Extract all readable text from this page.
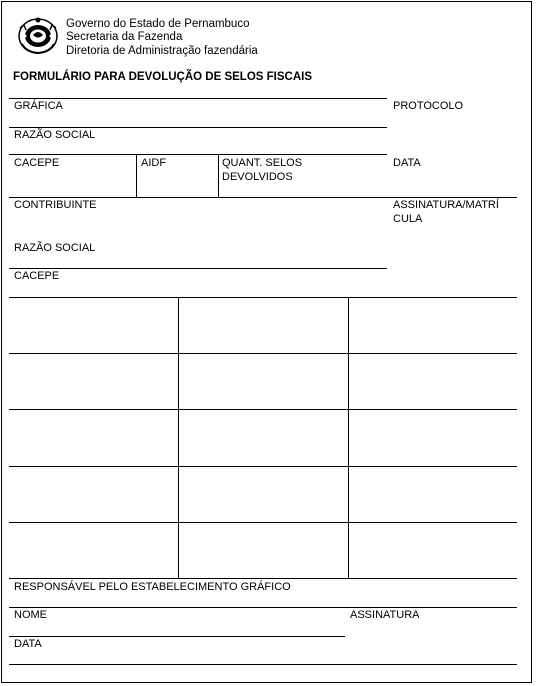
Governo do Estado de Pernambuco
Secretaria da Fazenda
Diretoria de Administração fazendária
FORMULÁRIO PARA DEVOLUÇÃO DE SELOS FISCAIS
GRÁFICA	PROTOCOLO
RAZÃO SOCIAL
CACEPE	AIDF	QUANT. SELOS
DEVOLVIDOS
DATA
CONTRIBUINTE	ASSINATURA/MATRÍ
CULA
RAZÃO SOCIAL
CACEPE
RESPONSÁVEL PELO ESTABELECIMENTO GRÁFICO
NOME	ASSINATURA
DATA
